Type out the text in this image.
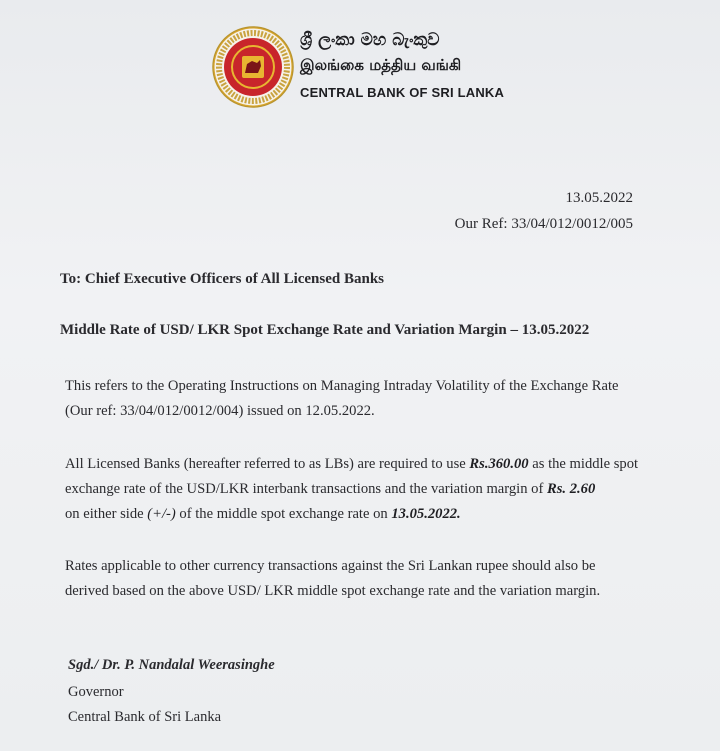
ශ්‍රී ලංකා මහ බැංකුව
இலங்கை மத்திய வங்கி
CENTRAL BANK OF SRI LANKA
13.05.2022
Our Ref: 33/04/012/0012/005
To: Chief Executive Officers of All Licensed Banks
Middle Rate of USD/ LKR Spot Exchange Rate and Variation Margin – 13.05.2022
This refers to the Operating Instructions on Managing Intraday Volatility of the Exchange Rate
(Our ref: 33/04/012/0012/004) issued on 12.05.2022.
All Licensed Banks (hereafter referred to as LBs) are required to use Rs.360.00 as the middle spot exchange rate of the USD/LKR interbank transactions and the variation margin of Rs. 2.60
on either side (+/-) of the middle spot exchange rate on 13.05.2022.
Rates applicable to other currency transactions against the Sri Lankan rupee should also be
derived based on the above USD/ LKR middle spot exchange rate and the variation margin.
Sgd./ Dr. P. Nandalal Weerasinghe
Governor
Central Bank of Sri Lanka
